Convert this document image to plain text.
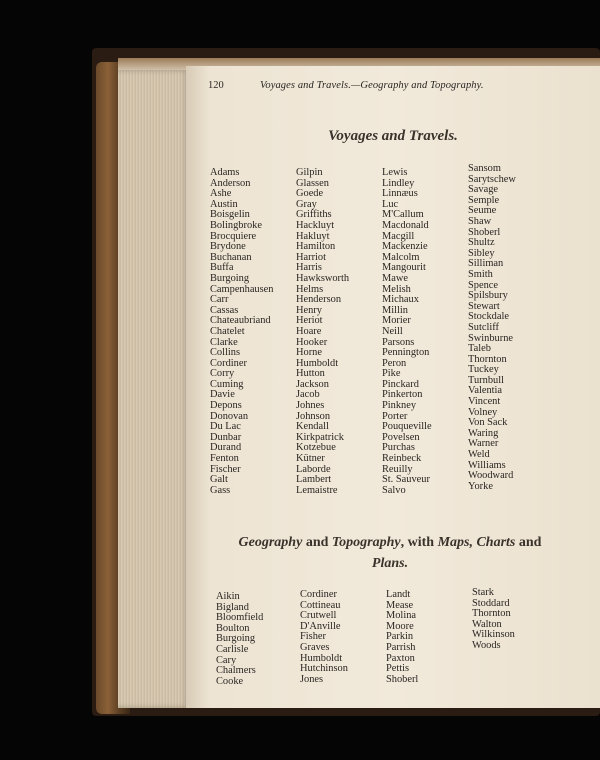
120	Voyages and Travels.—Geography and Topography.
Voyages and Travels.
Adams
Anderson
Ashe
Austin
Boisgelin
Bolingbroke
Brocquiere
Brydone
Buchanan
Buffa
Burgoing
Campenhausen
Carr
Cassas
Chateaubriand
Chatelet
Clarke
Collins
Cordiner
Corry
Cuming
Davie
Depons
Donovan
Du Lac
Dunbar
Durand
Fenton
Fischer
Galt
Gass
Gilpin
Glassen
Goede
Gray
Griffiths
Hackluyt
Hakluyt
Hamilton
Harriot
Harris
Hawksworth
Helms
Henderson
Henry
Heriot
Hoare
Hooker
Horne
Humboldt
Hutton
Jackson
Jacob
Johnes
Johnson
Kendall
Kirkpatrick
Kotzebue
Kütner
Laborde
Lambert
Lemaistre
Lewis
Lindley
Linnæus
Luc
M'Callum
Macdonald
Macgill
Mackenzie
Malcolm
Mangourit
Mawe
Melish
Michaux
Millin
Morier
Neill
Parsons
Pennington
Peron
Pike
Pinckard
Pinkerton
Pinkney
Porter
Pouqueville
Povelsen
Purchas
Reinbeck
Reuilly
St. Sauveur
Salvo
Sansom
Sarytschew
Savage
Semple
Seume
Shaw
Shoberl
Shultz
Sibley
Silliman
Smith
Spence
Spilsbury
Stewart
Stockdale
Sutcliff
Swinburne
Taleb
Thornton
Tuckey
Turnbull
Valentia
Vincent
Volney
Von Sack
Waring
Warner
Weld
Williams
Woodward
Yorke
Geography and Topography, with Maps, Charts and Plans.
Aikin
Bigland
Bloomfield
Boulton
Burgoing
Carlisle
Cary
Chalmers
Cooke
Cordiner
Cottineau
Crutwell
D'Anville
Fisher
Graves
Humboldt
Hutchinson
Jones
Landt
Mease
Molina
Moore
Parkin
Parrish
Paxton
Pettis
Shoberl
Stark
Stoddard
Thornton
Walton
Wilkinson
Woods
